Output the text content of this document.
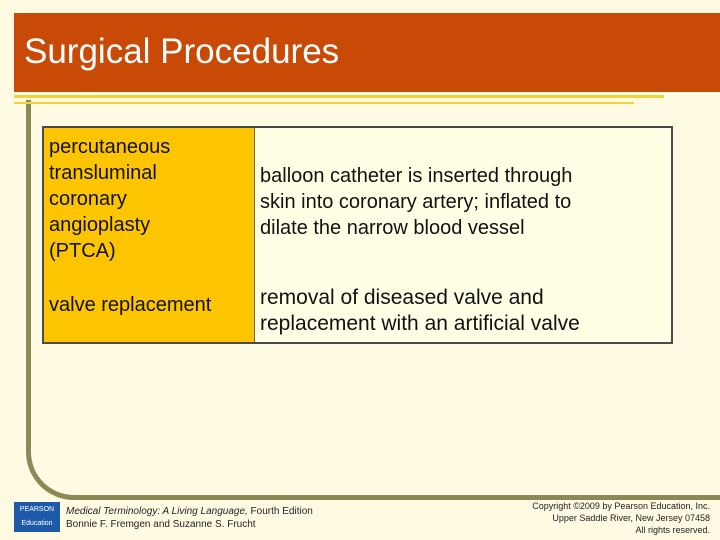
Surgical Procedures
percutaneous
transluminal
coronary
angioplasty
(PTCA)
balloon catheter is inserted through
skin into coronary artery; inflated to
dilate the narrow blood vessel
valve replacement	removal of diseased valve and
replacement with an artificial valve
PEARSON
Education
Medical Terminology: A Living Language, Fourth Edition
Bonnie F. Fremgen and Suzanne S. Frucht
Copyright ©2009 by Pearson Education, Inc.
Upper Saddle River, New Jersey 07458
All rights reserved.
